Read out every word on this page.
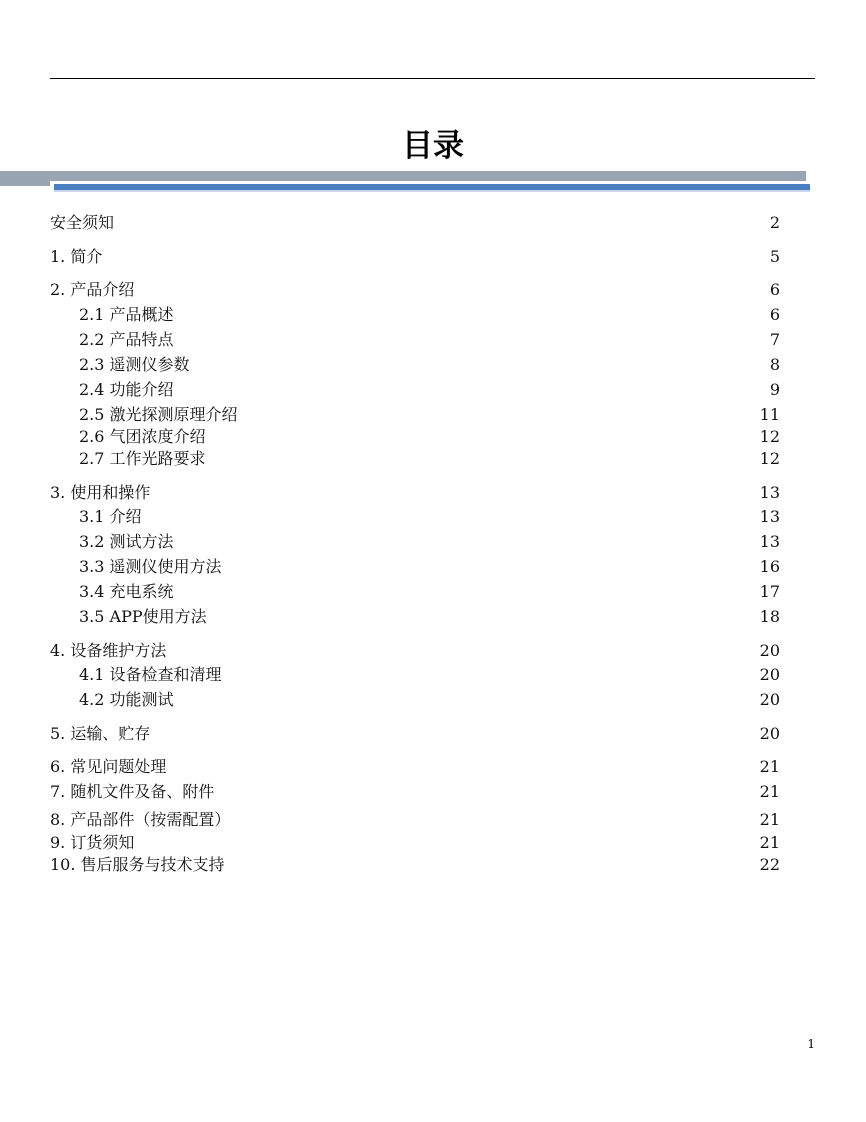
目录
安全须知	2
1. 简介	5
2. 产品介绍	6
2.1 产品概述	6
2.2 产品特点	7
2.3 遥测仪参数	8
2.4 功能介绍	9
2.5 激光探测原理介绍	11
2.6 气团浓度介绍	12
2.7 工作光路要求	12
3. 使用和操作	13
3.1 介绍	13
3.2 测试方法	13
3.3 遥测仪使用方法	16
3.4 充电系统	17
3.5 APP使用方法	18
4. 设备维护方法	20
4.1 设备检查和清理	20
4.2 功能测试	20
5. 运输、贮存	20
6. 常见问题处理	21
7. 随机文件及备、附件	21
8. 产品部件（按需配置）	21
9. 订货须知	21
10. 售后服务与技术支持	22
1
